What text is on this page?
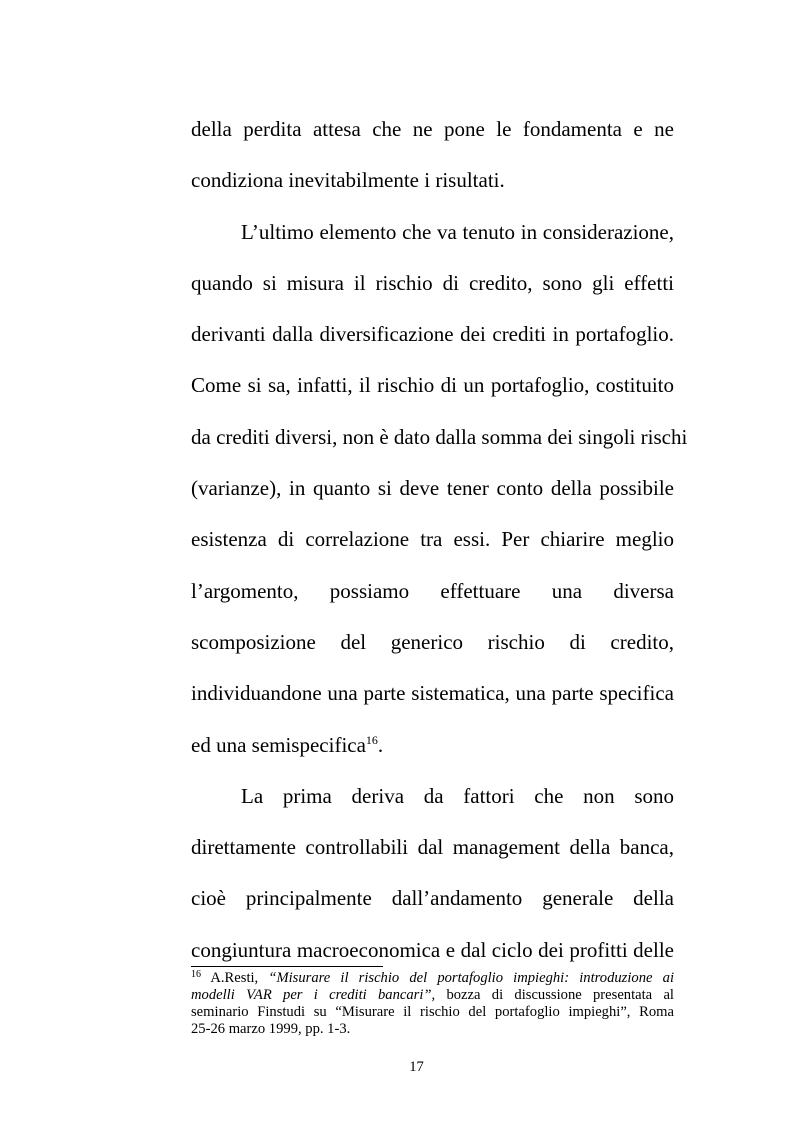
della perdita attesa che ne pone le fondamenta e ne
condiziona inevitabilmente i risultati.

L’ultimo elemento che va tenuto in considerazione,
quando si misura il rischio di credito, sono gli effetti
derivanti dalla diversificazione dei crediti in portafoglio.
Come si sa, infatti, il rischio di un portafoglio, costituito
da crediti diversi, non è dato dalla somma dei singoli rischi
(varianze), in quanto si deve tener conto della possibile
esistenza di correlazione tra essi. Per chiarire meglio
l’argomento, possiamo effettuare una diversa
scomposizione del generico rischio di credito,
individuandone una parte sistematica, una parte specifica
ed una semispecifica$^{16}$.

La prima deriva da fattori che non sono
direttamente controllabili dal management della banca,
cioè principalmente dall’andamento generale della
congiuntura macroeconomica e dal ciclo dei profitti delle

$^{16}$ A.Resti, “Misurare il rischio del portafoglio impieghi: introduzione ai
modelli VAR per i crediti bancari”, bozza di discussione presentata al
seminario Finstudi su “Misurare il rischio del portafoglio impieghi”, Roma
25-26 marzo 1999, pp. 1-3.
17
